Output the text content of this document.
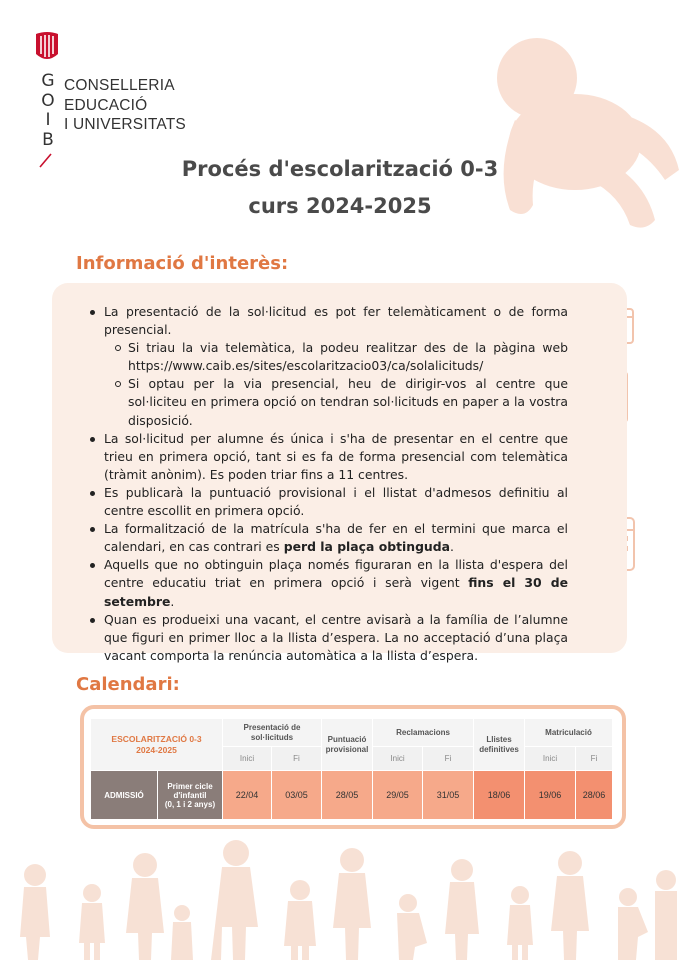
G
O
I
B
CONSELLERIA
EDUCACIÓ
I UNIVERSITATS
Procés d'escolarització 0-3
curs 2024-2025
Informació d'interès:
La presentació de la sol·licitud es pot fer telemàticament o de forma presencial.
Si triau la via telemàtica, la podeu realitzar des de la pàgina web https://www.caib.es/sites/escolaritzacio03/ca/solalicituds/
Si optau per la via presencial, heu de dirigir-vos al centre que sol·liciteu en primera opció on tendran sol·licituds en paper a la vostra disposició.
La sol·licitud per alumne és única i s'ha de presentar en el centre que trieu en primera opció, tant si es fa de forma presencial com telemàtica (tràmit anònim). Es poden triar fins a 11 centres.
Es publicarà la puntuació provisional i el llistat d'admesos definitiu al centre escollit en primera opció.
La formalització de la matrícula s'ha de fer en el termini que marca el calendari, en cas contrari es perd la plaça obtinguda.
Aquells que no obtinguin plaça només figuraran en la llista d'espera del centre educatiu triat en primera opció i serà vigent fins el 30 de setembre.
Quan es produeixi una vacant, el centre avisarà a la família de l’alumne que figuri en primer lloc a la llista d’espera. La no acceptació d’una plaça vacant comporta la renúncia automàtica a la llista d’espera.
Calendari:
ESCOLARITZACIÓ 0-3
2024-2025		Presentació de sol·licituds		Puntuació provisional	Reclamacions		Llistes definitives	Matriculació	
		Inici	Fi		Inici	Fi		Inici	Fi
ADMISSIÓ	Primer cicle
d'infantil
(0, 1 i 2 anys)	22/04	03/05	28/05	29/05	31/05	18/06	19/06	28/06
